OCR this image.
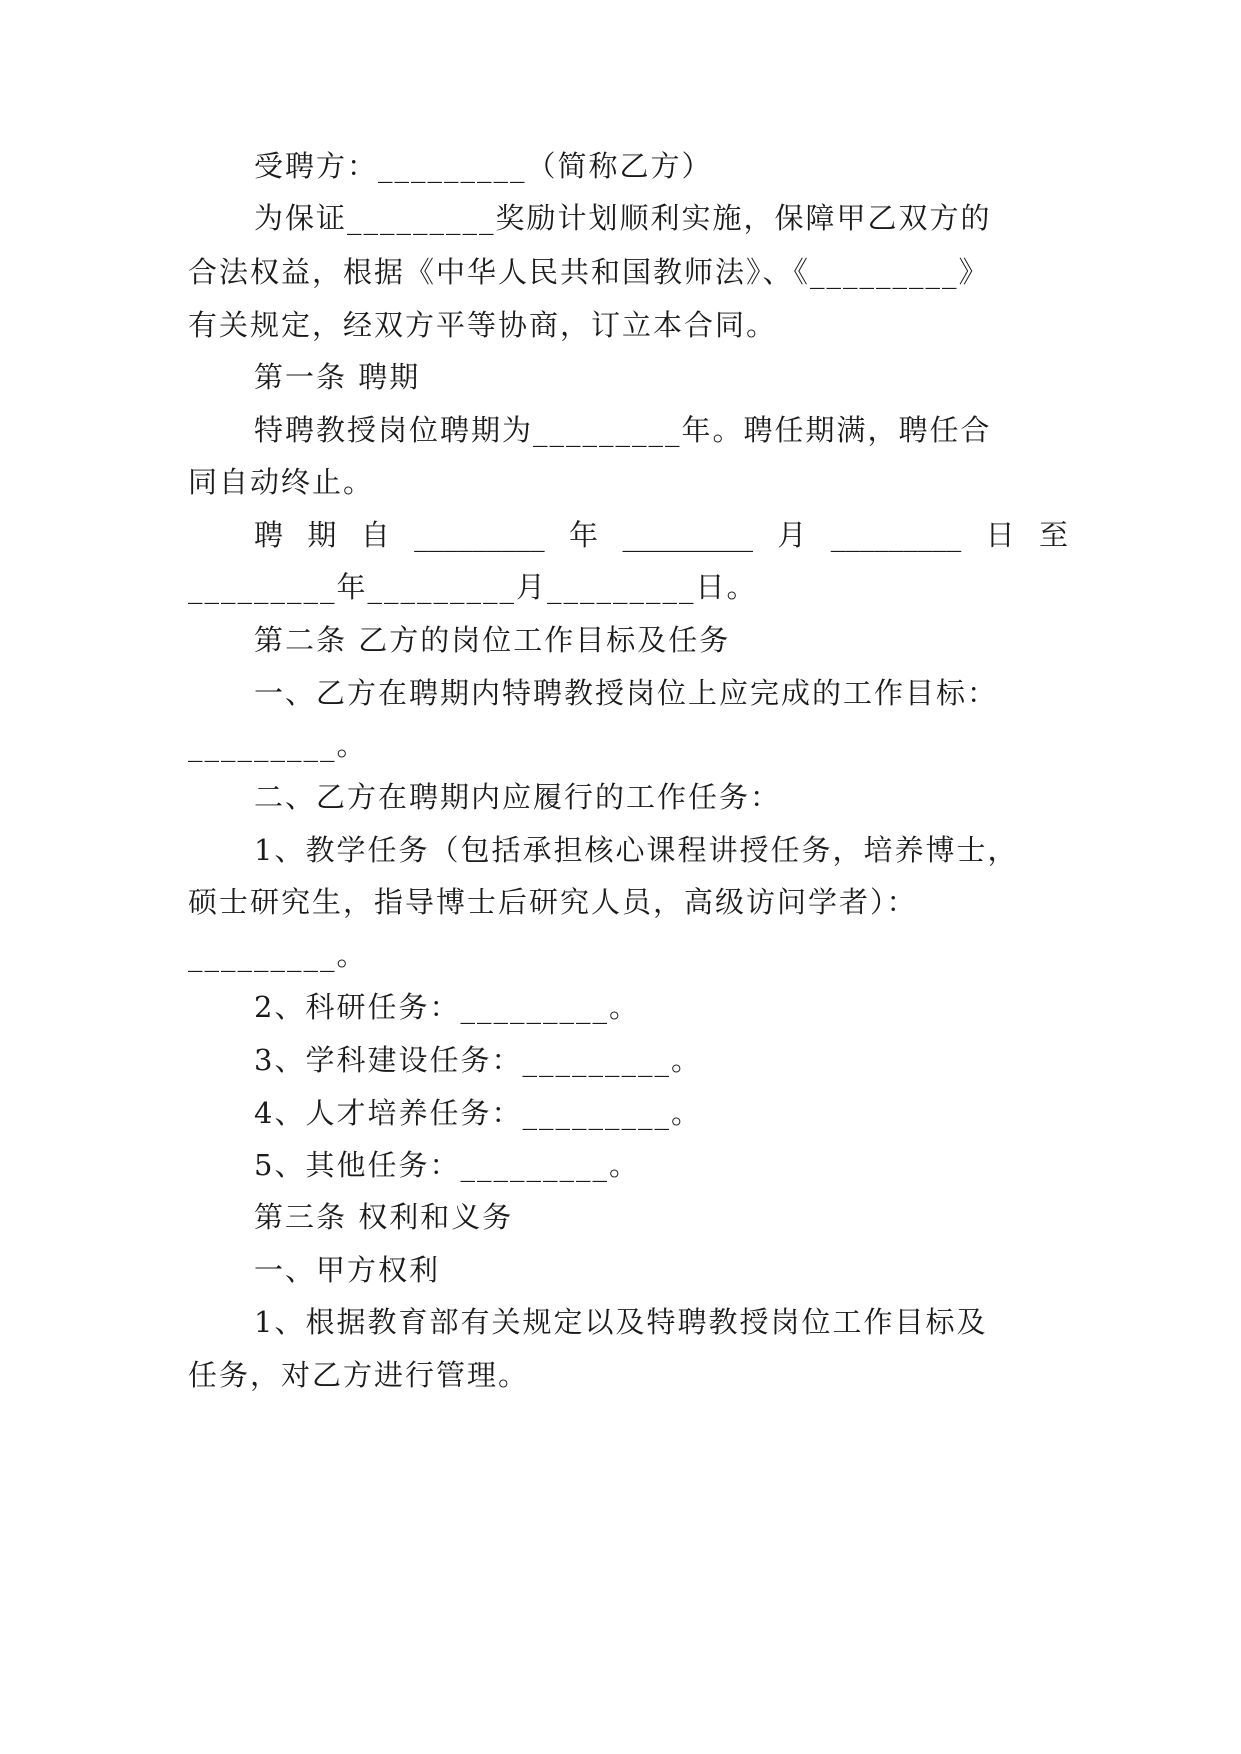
受聘方：_________（简称乙方）

为保证_________奖励计划顺利实施，保障甲乙双方的

合法权益，根据《中华人民共和国教师法》、《_________》

有关规定，经双方平等协商，订立本合同。

第一条 聘期

特聘教授岗位聘期为_________年。聘任期满，聘任合

同自动终止。

聘 期 自 _________ 年 _________ 月 _________ 日 至

_________年_________月_________日。

第二条 乙方的岗位工作目标及任务

一、乙方在聘期内特聘教授岗位上应完成的工作目标：

_________。

二、乙方在聘期内应履行的工作任务：

1、教学任务（包括承担核心课程讲授任务，培养博士，

硕士研究生，指导博士后研究人员，高级访问学者）：

_________。

2、科研任务：_________。

3、学科建设任务：_________。

4、人才培养任务：_________。

5、其他任务：_________。

第三条 权利和义务

一、甲方权利

1、根据教育部有关规定以及特聘教授岗位工作目标及

任务，对乙方进行管理。
